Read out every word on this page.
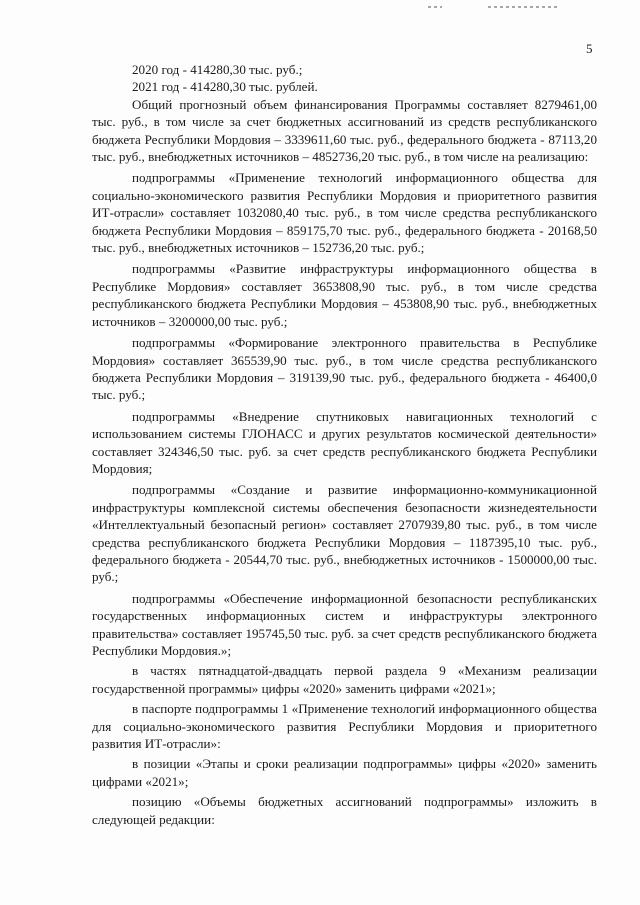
5

2020 год - 414280,30 тыс. руб.;

2021 год - 414280,30 тыс. рублей.

Общий прогнозный объем финансирования Программы составляет 8279461,00 тыс. руб., в том числе за счет бюджетных ассигнований из средств республиканского бюджета Республики Мордовия – 3339611,60 тыс. руб., федерального бюджета - 87113,20 тыс. руб., внебюджетных источников – 4852736,20 тыс. руб., в том числе на реализацию:

подпрограммы «Применение технологий информационного общества для социально-экономического развития Республики Мордовия и приоритетного развития ИТ-отрасли» составляет 1032080,40 тыс. руб., в том числе средства республиканского бюджета Республики Мордовия – 859175,70 тыс. руб., федерального бюджета - 20168,50 тыс. руб., внебюджетных источников – 152736,20 тыс. руб.;

подпрограммы «Развитие инфраструктуры информационного общества в Республике Мордовия» составляет 3653808,90 тыс. руб., в том числе средства республиканского бюджета Республики Мордовия – 453808,90 тыс. руб., внебюджетных источников – 3200000,00 тыс. руб.;

подпрограммы «Формирование электронного правительства в Республике Мордовия» составляет 365539,90 тыс. руб., в том числе средства республиканского бюджета Республики Мордовия – 319139,90 тыс. руб., федерального бюджета - 46400,0 тыс. руб.;

подпрограммы «Внедрение спутниковых навигационных технологий с использованием системы ГЛОНАСС и других результатов космической деятельности» составляет 324346,50 тыс. руб. за счет средств республиканского бюджета Республики Мордовия;

подпрограммы «Создание и развитие информационно-коммуникационной инфраструктуры комплексной системы обеспечения безопасности жизнедеятельности «Интеллектуальный безопасный регион» составляет 2707939,80 тыс. руб., в том числе средства республиканского бюджета Республики Мордовия – 1187395,10 тыс. руб., федерального бюджета - 20544,70 тыс. руб., внебюджетных источников - 1500000,00 тыс. руб.;

подпрограммы «Обеспечение информационной безопасности республиканских государственных информационных систем и инфраструктуры электронного правительства» составляет 195745,50 тыс. руб. за счет средств республиканского бюджета Республики Мордовия.»;

в частях пятнадцатой-двадцать первой раздела 9 «Механизм реализации государственной программы» цифры «2020» заменить цифрами «2021»;

в паспорте подпрограммы 1 «Применение технологий информационного общества для социально-экономического развития Республики Мордовия и приоритетного развития ИТ-отрасли»:

в позиции «Этапы и сроки реализации подпрограммы» цифры «2020» заменить цифрами «2021»;

позицию «Объемы бюджетных ассигнований подпрограммы» изложить в следующей редакции:
